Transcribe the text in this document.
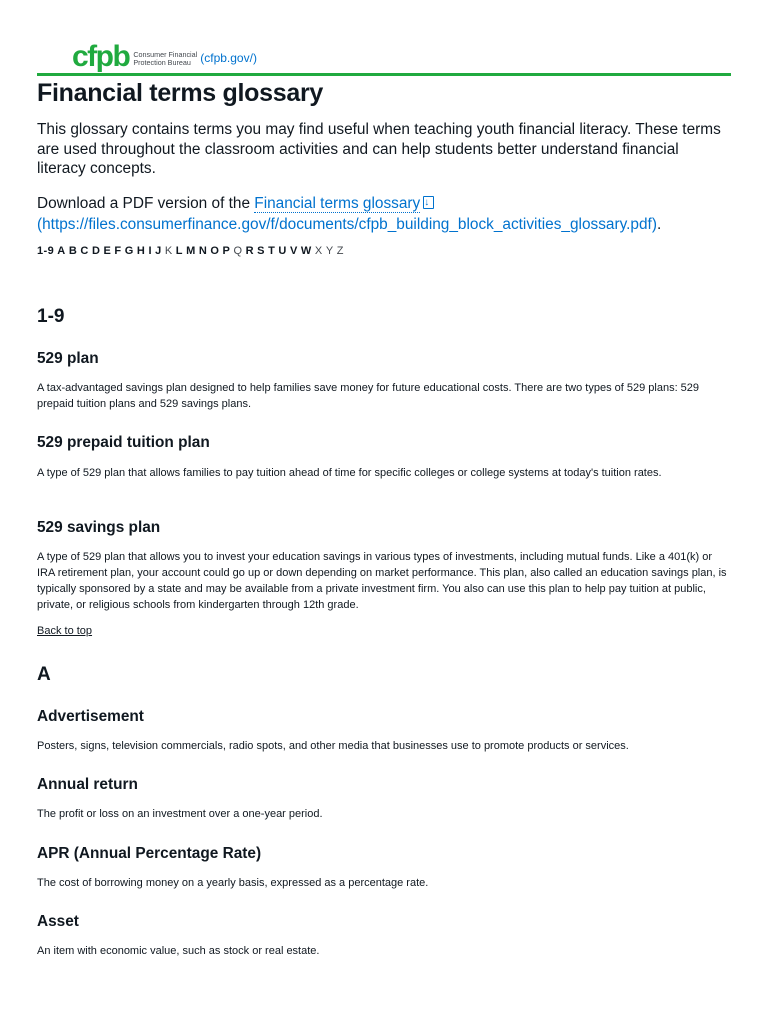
cfpb Consumer Financial
Protection Bureau (cfpb.gov/)
Financial terms glossary

This glossary contains terms you may find useful when teaching youth financial literacy. These terms are used throughout the classroom activities and can help students better understand financial literacy concepts.

Download a PDF version of the Financial terms glossary↓(https://files.consumerfinance.gov/f/documents/cfpb_building_block_activities_glossary.pdf).

1-9 A B C D E F G H I J K L M N O P Q R S T U V W X Y Z
1-9
529 plan

A tax-advantaged savings plan designed to help families save money for future educational costs. There are two types of 529 plans: 529 prepaid tuition plans and 529 savings plans.

529 prepaid tuition plan

A type of 529 plan that allows families to pay tuition ahead of time for specific colleges or college systems at today's tuition rates.

529 savings plan

A type of 529 plan that allows you to invest your education savings in various types of investments, including mutual funds. Like a 401(k) or IRA retirement plan, your account could go up or down depending on market performance. This plan, also called an education savings plan, is typically sponsored by a state and may be available from a private investment firm. You also can use this plan to help pay tuition at public, private, or religious schools from kindergarten through 12th grade.

Back to top
A
Advertisement

Posters, signs, television commercials, radio spots, and other media that businesses use to promote products or services.

Annual return

The profit or loss on an investment over a one-year period.

APR (Annual Percentage Rate)

The cost of borrowing money on a yearly basis, expressed as a percentage rate.

Asset

An item with economic value, such as stock or real estate.
